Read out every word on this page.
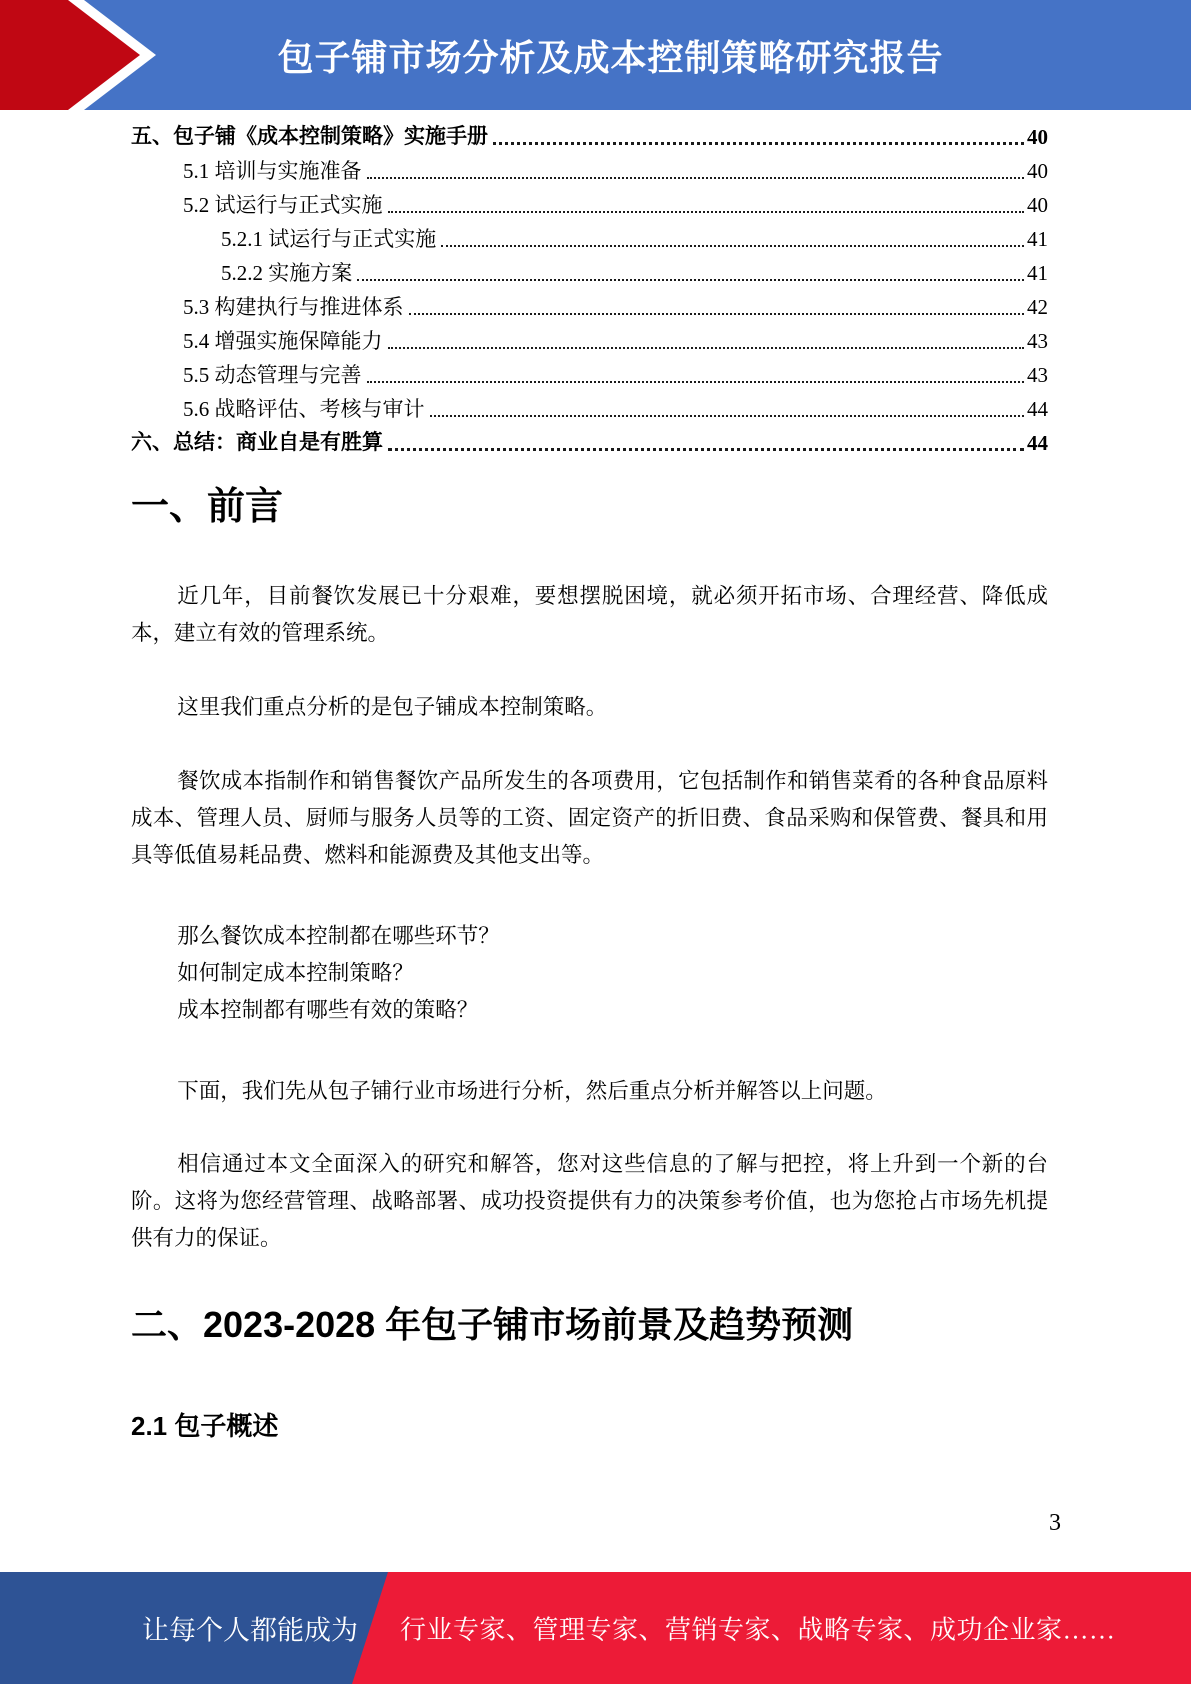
包子铺市场分析及成本控制策略研究报告
五、包子铺《成本控制策略》实施手册	40
5.1 培训与实施准备	40
5.2 试运行与正式实施	40
5.2.1 试运行与正式实施	41
5.2.2 实施方案	41
5.3 构建执行与推进体系	42
5.4 增强实施保障能力	43
5.5 动态管理与完善	43
5.6 战略评估、考核与审计	44
六、总结：商业自是有胜算	44
一、前言

近几年，目前餐饮发展已十分艰难，要想摆脱困境，就必须开拓市场、合理经营、降低成本，建立有效的管理系统。

这里我们重点分析的是包子铺成本控制策略。

餐饮成本指制作和销售餐饮产品所发生的各项费用，它包括制作和销售菜肴的各种食品原料成本、管理人员、厨师与服务人员等的工资、固定资产的折旧费、食品采购和保管费、餐具和用具等低值易耗品费、燃料和能源费及其他支出等。

那么餐饮成本控制都在哪些环节？

如何制定成本控制策略？

成本控制都有哪些有效的策略？

下面，我们先从包子铺行业市场进行分析，然后重点分析并解答以上问题。

相信通过本文全面深入的研究和解答，您对这些信息的了解与把控，将上升到一个新的台阶。这将为您经营管理、战略部署、成功投资提供有力的决策参考价值，也为您抢占市场先机提供有力的保证。

二、2023-2028 年包子铺市场前景及趋势预测
2.1 包子概述
3
让每个人都能成为 行业专家、管理专家、营销专家、战略专家、成功企业家……
